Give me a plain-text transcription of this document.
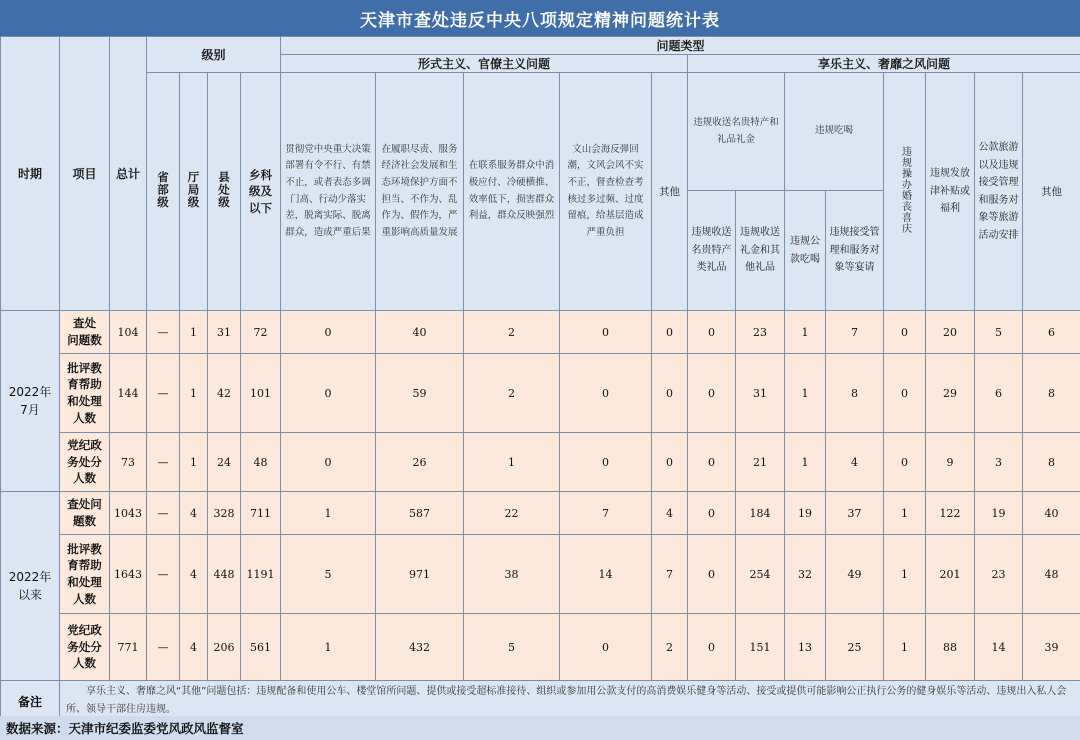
天津市查处违反中央八项规定精神问题统计表
时期	项目	总计	级别				问题类型												
							形式主义、官僚主义问题					享乐主义、奢靡之风问题							
			省部级	厅局级	县处级	乡科级及以下	贯彻党中央重大决策部署有令不行、有禁不止，或者表态多调门高、行动少落实差，脱离实际、脱离群众，造成严重后果	在履职尽责、服务经济社会发展和生态环境保护方面不担当、不作为、乱作为、假作为，严重影响高质量发展	在联系服务群众中消极应付、冷硬横推、效率低下，损害群众利益，群众反映强烈	文山会海反弹回潮，文风会风不实不正，督查检查考核过多过频、过度留痕，给基层造成严重负担	其他	违规收送名贵特产和礼品礼金		违规吃喝		违规操办婚丧喜庆	违规发放津补贴或福利	公款旅游以及违规接受管理和服务对象等旅游活动安排	其他
												违规收送名贵特产类礼品	违规收送礼金和其他礼品	违规公款吃喝	违规接受管理和服务对象等宴请				
2022年
7月	查处
问题数	104	—	1	31	72	0	40	2	0	0	0	23	1	7	0	20	5	6
	批评教
育帮助
和处理
人数	144	—	1	42	101	0	59	2	0	0	0	31	1	8	0	29	6	8
	党纪政
务处分
人数	73	—	1	24	48	0	26	1	0	0	0	21	1	4	0	9	3	8
2022年
以来	查处问
题数	1043	—	4	328	711	1	587	22	7	4	0	184	19	37	1	122	19	40
	批评教
育帮助
和处理
人数	1643	—	4	448	1191	5	971	38	14	7	0	254	32	49	1	201	23	48
	党纪政
务处分
人数	771	—	4	206	561	1	432	5	0	2	0	151	13	25	1	88	14	39
备注	享乐主义、奢靡之风“其他”问题包括：违规配备和使用公车、楼堂馆所问题、提供或接受超标准接待、组织或参加用公款支付的高消费娱乐健身等活动、接受或提供可能影响公正执行公务的健身娱乐等活动、违规出入私人会所、领导干部住房违规。																		
数据来源： 天津市纪委监委党风政风监督室
